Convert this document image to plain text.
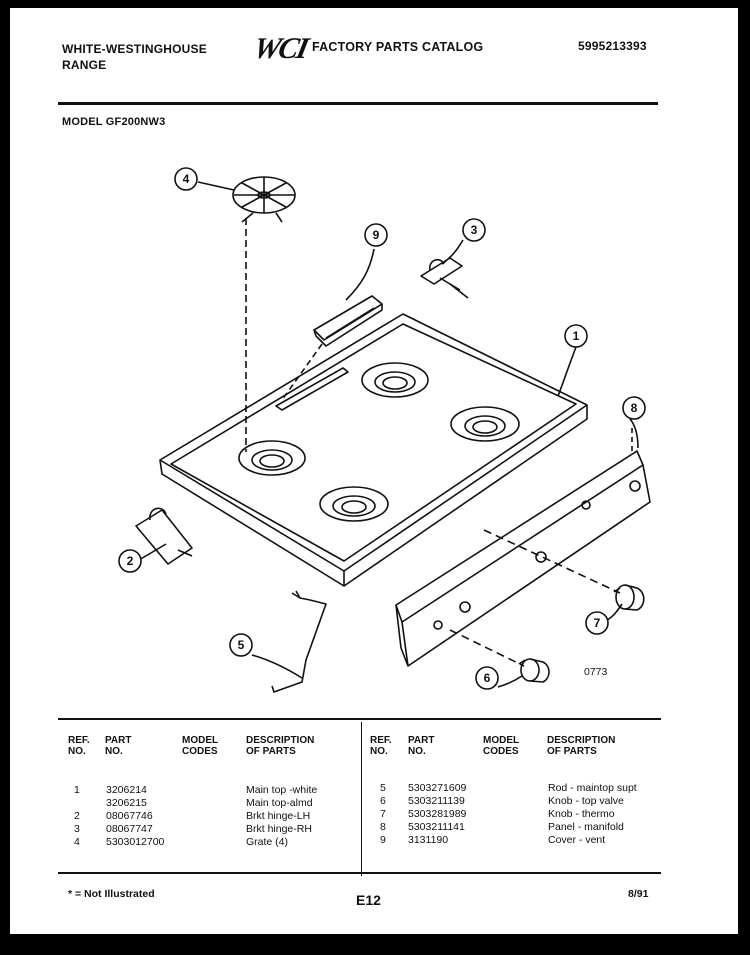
WHITE-WESTINGHOUSE
RANGE	WCI FACTORY PARTS CATALOG	5995213393
MODEL GF200NW3
1
2
3
4
5
6
7
8
9
0773
REF.
NO.
PART
NO.
MODEL
CODES
DESCRIPTION
OF PARTS
REF.
NO.
PART
NO.
MODEL
CODES
DESCRIPTION
OF PARTS
1 3206214	Main top -white
3206215	Main top-almd
2 08067746	Brkt hinge-LH
3 08067747	Brkt hinge-RH
4 5303012700	Grate (4)
5 5303271609	Rod - maintop supt
6 5303211139	Knob - top valve
7 5303281989	Knob - thermo
8 5303211141	Panel - manifold
9 3131190	Cover - vent
* = Not Illustrated	E12	8/91
